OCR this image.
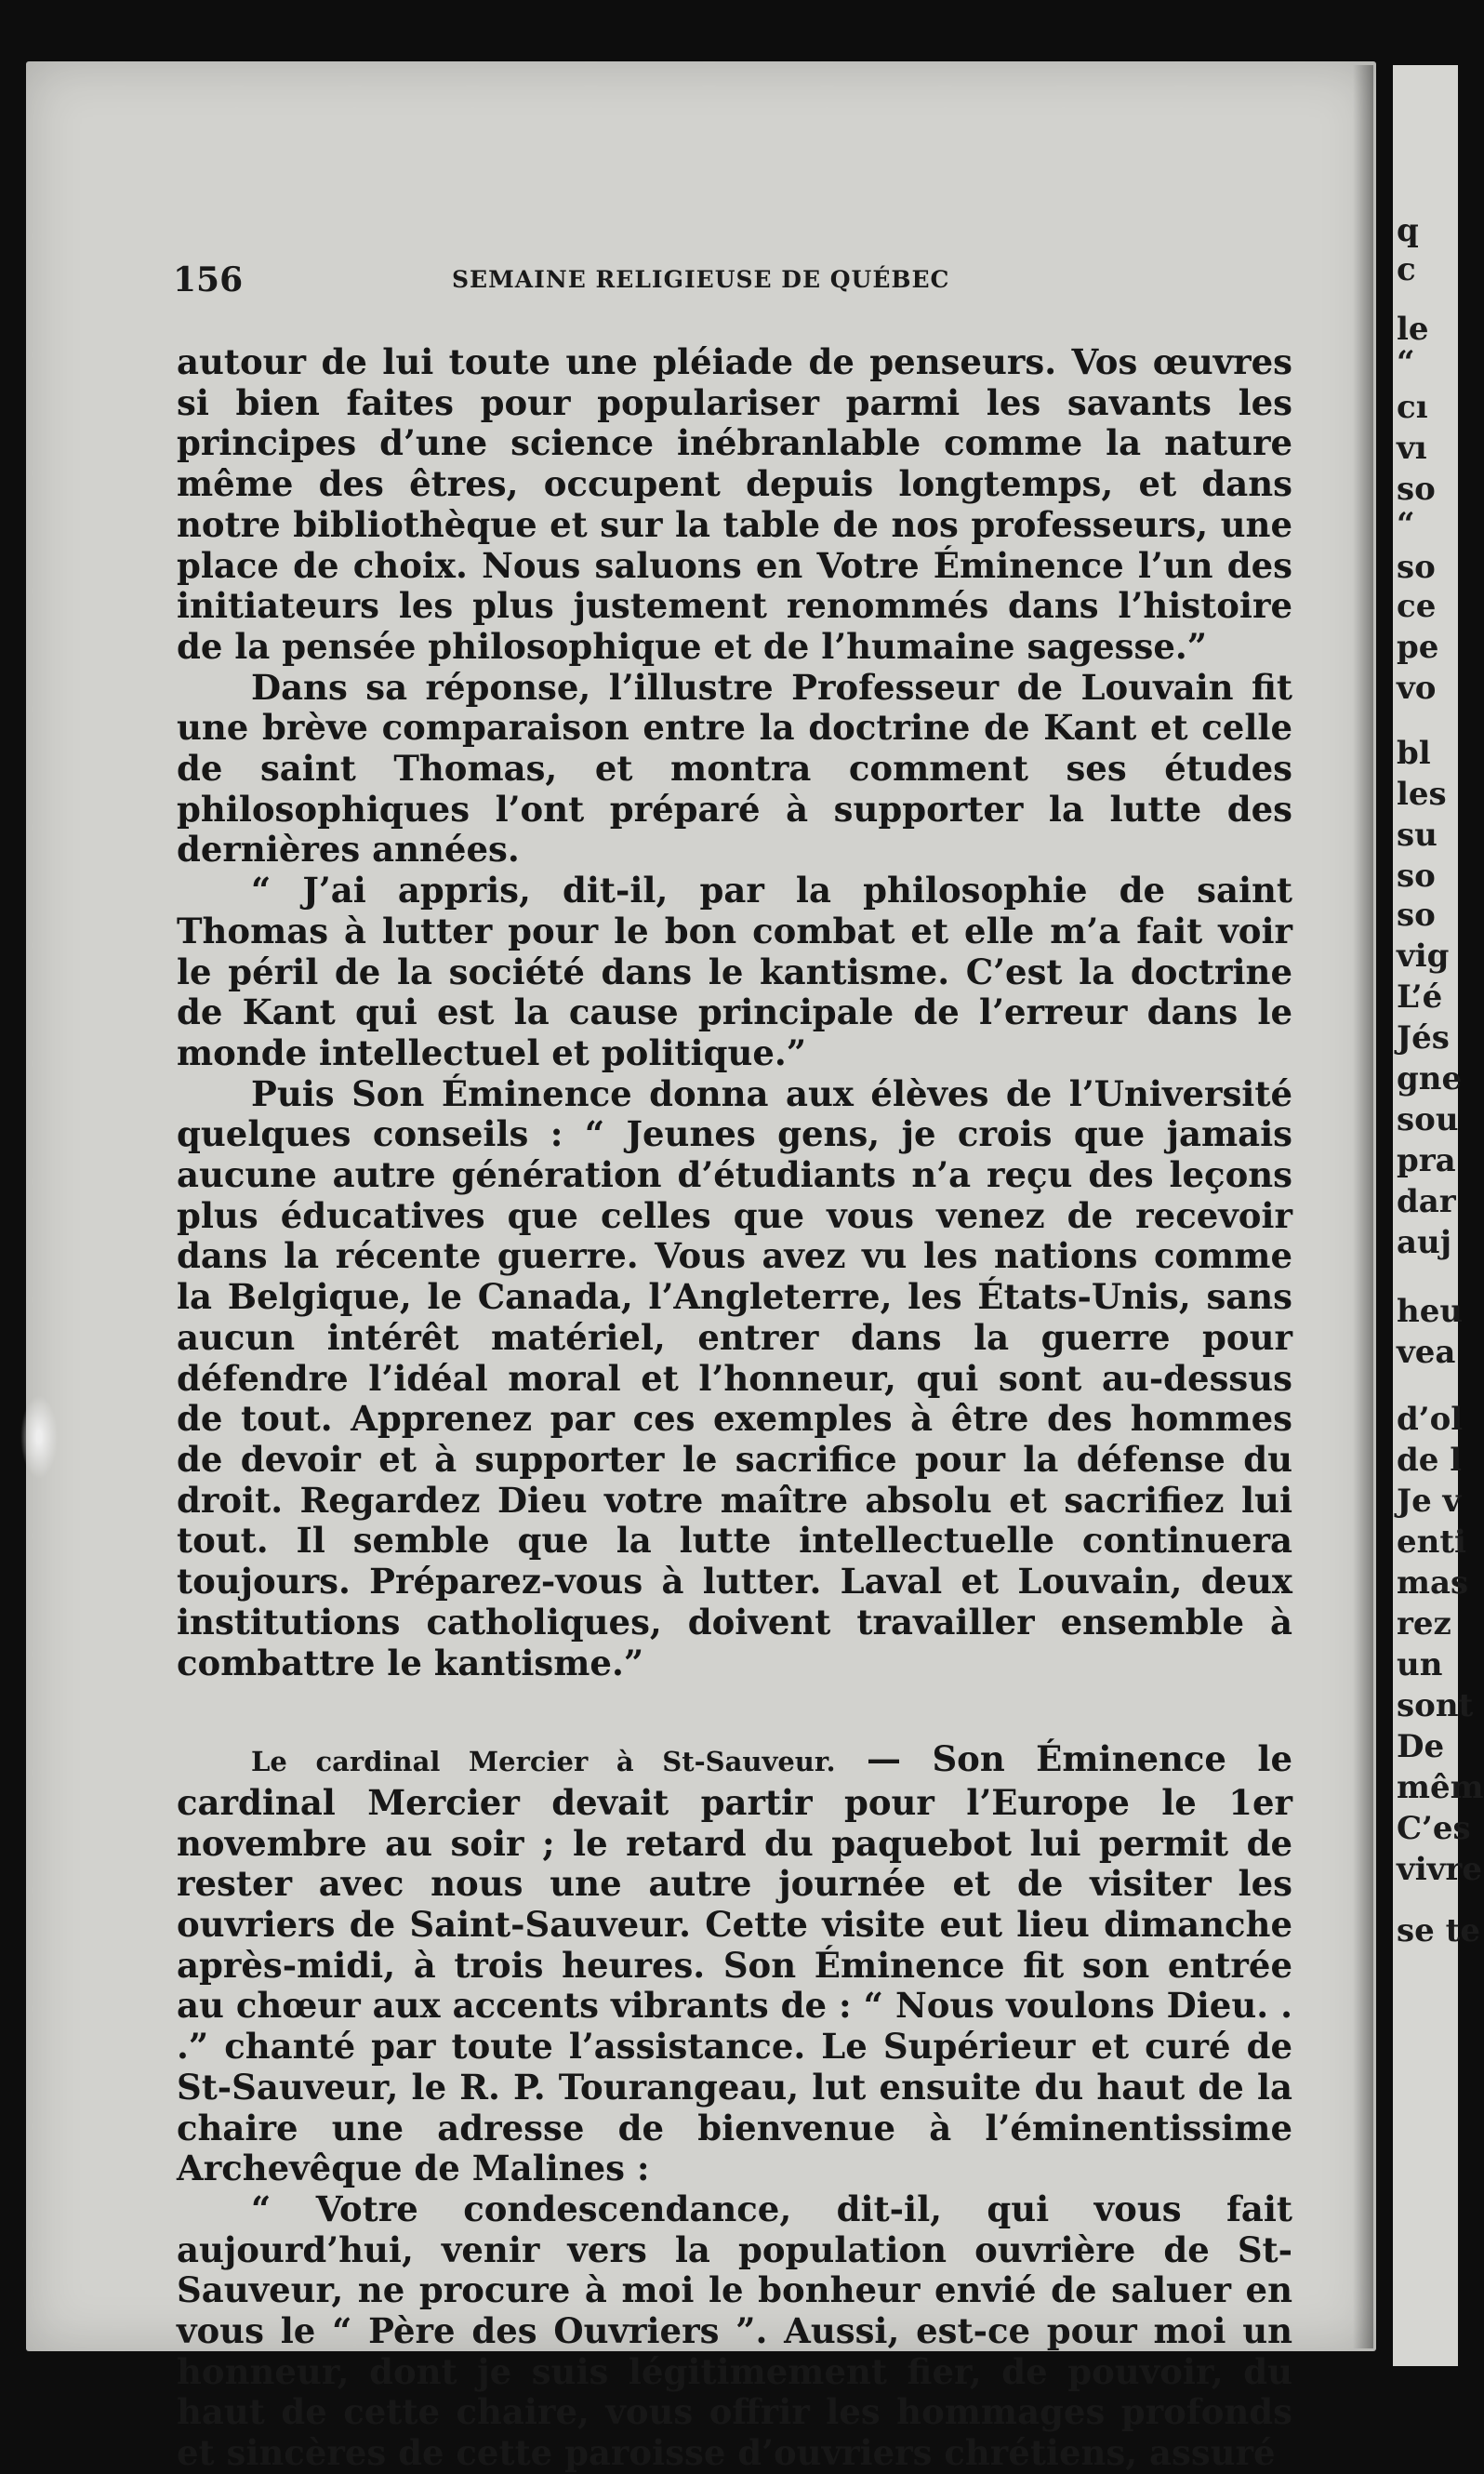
156	SEMAINE RELIGIEUSE DE QUÉBEC

autour de lui toute une pléiade de penseurs. Vos œuvres si bien faites pour populariser parmi les savants les principes d’une science inébranlable comme la nature même des êtres, occupent depuis longtemps, et dans notre bibliothèque et sur la table de nos professeurs, une place de choix. Nous saluons en Votre Éminence l’un des initiateurs les plus justement renommés dans l’histoire de la pensée philosophique et de l’humaine sagesse.”

Dans sa réponse, l’illustre Professeur de Louvain fit une brève comparaison entre la doctrine de Kant et celle de saint Thomas, et montra comment ses études philosophiques l’ont préparé à supporter la lutte des dernières années.

“ J’ai appris, dit-il, par la philosophie de saint Thomas à lutter pour le bon combat et elle m’a fait voir le péril de la société dans le kantisme. C’est la doctrine de Kant qui est la cause principale de l’erreur dans le monde intellectuel et politique.”

Puis Son Éminence donna aux élèves de l’Université quelques conseils : “ Jeunes gens, je crois que jamais aucune autre génération d’étudiants n’a reçu des leçons plus éducatives que celles que vous venez de recevoir dans la récente guerre. Vous avez vu les nations comme la Belgique, le Canada, l’Angleterre, les États-Unis, sans aucun intérêt matériel, entrer dans la guerre pour défendre l’idéal moral et l’honneur, qui sont au-dessus de tout. Apprenez par ces exemples à être des hommes de devoir et à supporter le sacrifice pour la défense du droit. Regardez Dieu votre maître absolu et sacrifiez lui tout. Il semble que la lutte intellectuelle continuera toujours. Préparez-vous à lutter. Laval et Louvain, deux institutions catholiques, doivent travailler ensemble à combattre le kantisme.”

Le cardinal Mercier à St-Sauveur. — Son Éminence le cardinal Mercier devait partir pour l’Europe le 1er novembre au soir ; le retard du paquebot lui permit de rester avec nous une autre journée et de visiter les ouvriers de Saint-Sauveur. Cette visite eut lieu dimanche après-midi, à trois heures. Son Éminence fit son entrée au chœur aux accents vibrants de : “ Nous voulons Dieu. . .” chanté par toute l’assistance. Le Supérieur et curé de St-Sauveur, le R. P. Tourangeau, lut ensuite du haut de la chaire une adresse de bienvenue à l’éminentissime Archevêque de Malines :

“ Votre condescendance, dit-il, qui vous fait aujourd’hui, venir vers la population ouvrière de St-Sauveur, ne procure à moi le bonheur envié de saluer en vous le “ Père des Ouvriers ”. Aussi, est-ce pour moi un honneur, dont je suis légitimement fier, de pouvoir, du haut de cette chaire, vous offrir les hommages profonds et sincères de cette paroisse d’ouvriers chrétiens, assuré

q
c
le
“
cı
vı
so
“
so
ce
pe
vo
bl
les
su
so
so
vig
L’é
Jés
gne
sou
pra
dar
auj
heu
vea
d’ol
de l
Je v
enti
mas
rez
un
sont
De
mêm
C’es
vivre
se te
